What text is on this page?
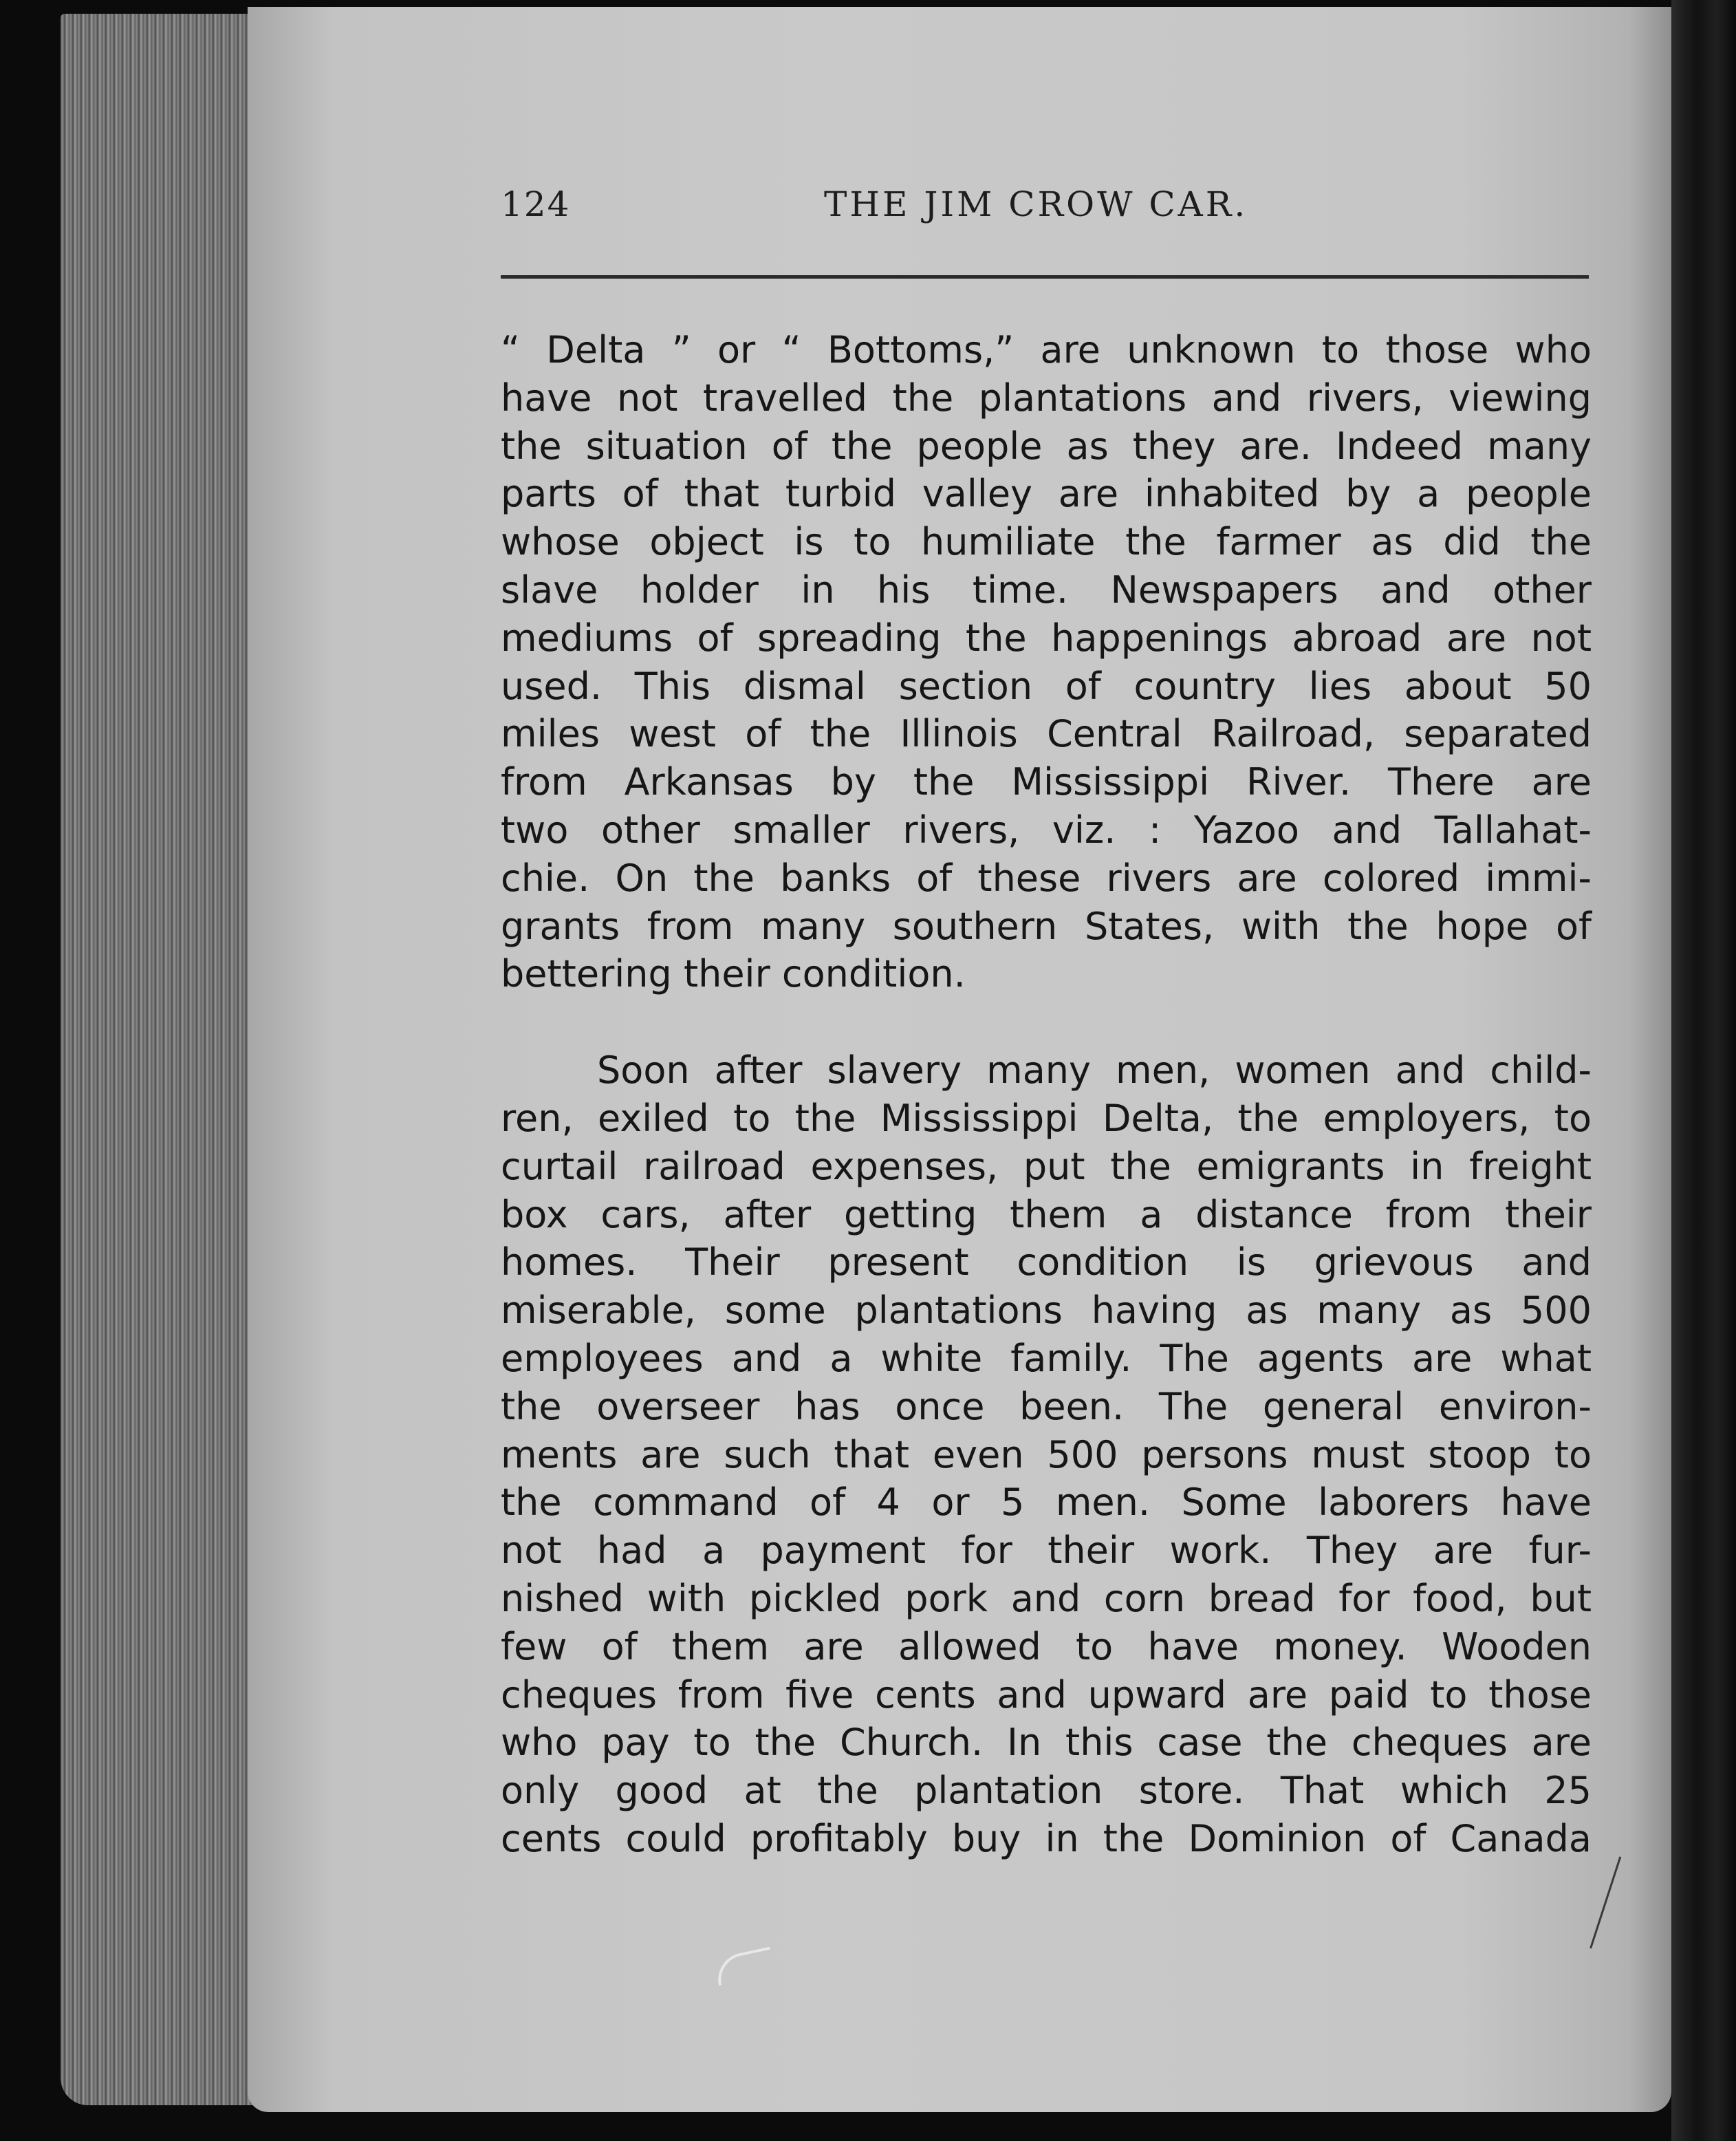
124	THE JIM CROW CAR.

“ Delta ” or “ Bottoms,” are unknown to those who
have not travelled the plantations and rivers, viewing
the situation of the people as they are. Indeed many
parts of that turbid valley are inhabited by a people
whose object is to humiliate the farmer as did the
slave holder in his time. Newspapers and other
mediums of spreading the happenings abroad are not
used. This dismal section of country lies about 50
miles west of the Illinois Central Railroad, separated
from Arkansas by the Mississippi River. There are
two other smaller rivers, viz. : Yazoo and Tallahat-
chie. On the banks of these rivers are colored immi-
grants from many southern States, with the hope of
bettering their condition.

Soon after slavery many men, women and child-
ren, exiled to the Mississippi Delta, the employers, to
curtail railroad expenses, put the emigrants in freight
box cars, after getting them a distance from their
homes. Their present condition is grievous and
miserable, some plantations having as many as 500
employees and a white family. The agents are what
the overseer has once been. The general environ-
ments are such that even 500 persons must stoop to
the command of 4 or 5 men. Some laborers have
not had a payment for their work. They are fur-
nished with pickled pork and corn bread for food, but
few of them are allowed to have money. Wooden
cheques from five cents and upward are paid to those
who pay to the Church. In this case the cheques are
only good at the plantation store. That which 25
cents could profitably buy in the Dominion of Canada
